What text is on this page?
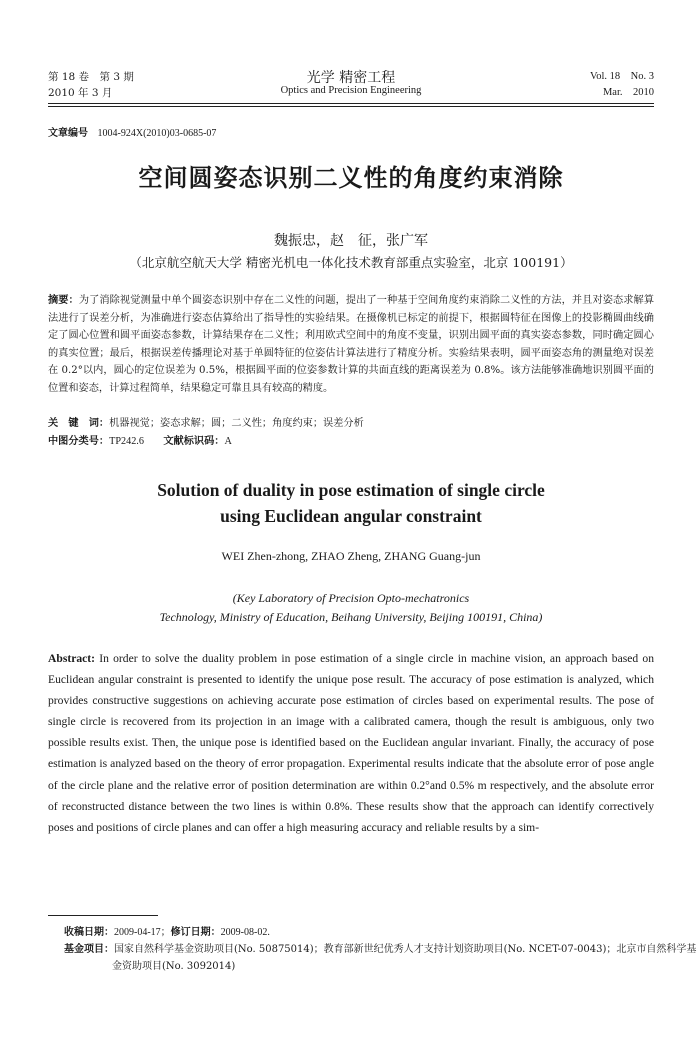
第 18 卷　第 3 期
2010 年 3 月
光学 精密工程
Optics and Precision Engineering
Vol. 18　No. 3
Mar.　2010
文章编号 1004-924X(2010)03-0685-07
空间圆姿态识别二义性的角度约束消除
魏振忠，赵　征，张广军
（北京航空航天大学 精密光机电一体化技术教育部重点实验室，北京 100191）
摘要：为了消除视觉测量中单个圆姿态识别中存在二义性的问题，提出了一种基于空间角度约束消除二义性的方法，并且对姿态求解算法进行了误差分析，为准确进行姿态估算给出了指导性的实验结果。在摄像机已标定的前提下，根据圆特征在图像上的投影椭圆曲线确定了圆心位置和圆平面姿态参数，计算结果存在二义性；利用欧式空间中的角度不变量，识别出圆平面的真实姿态参数，同时确定圆心的真实位置；最后，根据误差传播理论对基于单圆特征的位姿估计算法进行了精度分析。实验结果表明，圆平面姿态角的测量绝对误差在 0.2°以内，圆心的定位误差为 0.5%，根据圆平面的位姿参数计算的共面直线的距离误差为 0.8%。该方法能够准确地识别圆平面的位置和姿态，计算过程简单，结果稳定可靠且具有较高的精度。
关　键　词：机器视觉；姿态求解；圆；二义性；角度约束；误差分析
中图分类号：TP242.6 文献标识码：A
Solution of duality in pose estimation of single circle
using Euclidean angular constraint
WEI Zhen-zhong, ZHAO Zheng, ZHANG Guang-jun
(Key Laboratory of Precision Opto-mechatronics
Technology, Ministry of Education, Beihang University, Beijing 100191, China)
Abstract: In order to solve the duality problem in pose estimation of a single circle in machine vision, an approach based on Euclidean angular constraint is presented to identify the unique pose result. The accuracy of pose estimation is analyzed, which provides constructive suggestions on achieving accurate pose estimation of circles based on experimental results. The pose of single circle is recovered from its projection in an image with a calibrated camera, though the result is ambiguous, only two possible results exist. Then, the unique pose is identified based on the Euclidean angular invariant. Finally, the accuracy of pose estimation is analyzed based on the theory of error propagation. Experimental results indicate that the absolute error of pose angle of the circle plane and the relative error of position determination are within 0.2°and 0.5% m respectively, and the absolute error of reconstructed distance between the two lines is within 0.8%. These results show that the approach can identify correctively poses and positions of circle planes and can offer a high measuring accuracy and reliable results by a sim-
收稿日期：2009-04-17；修订日期：2009-08-02.
基金项目：国家自然科学基金资助项目(No. 50875014)；教育部新世纪优秀人才支持计划资助项目(No. NCET-07-0043)；北京市自然科学基金资助项目(No. 3092014)
